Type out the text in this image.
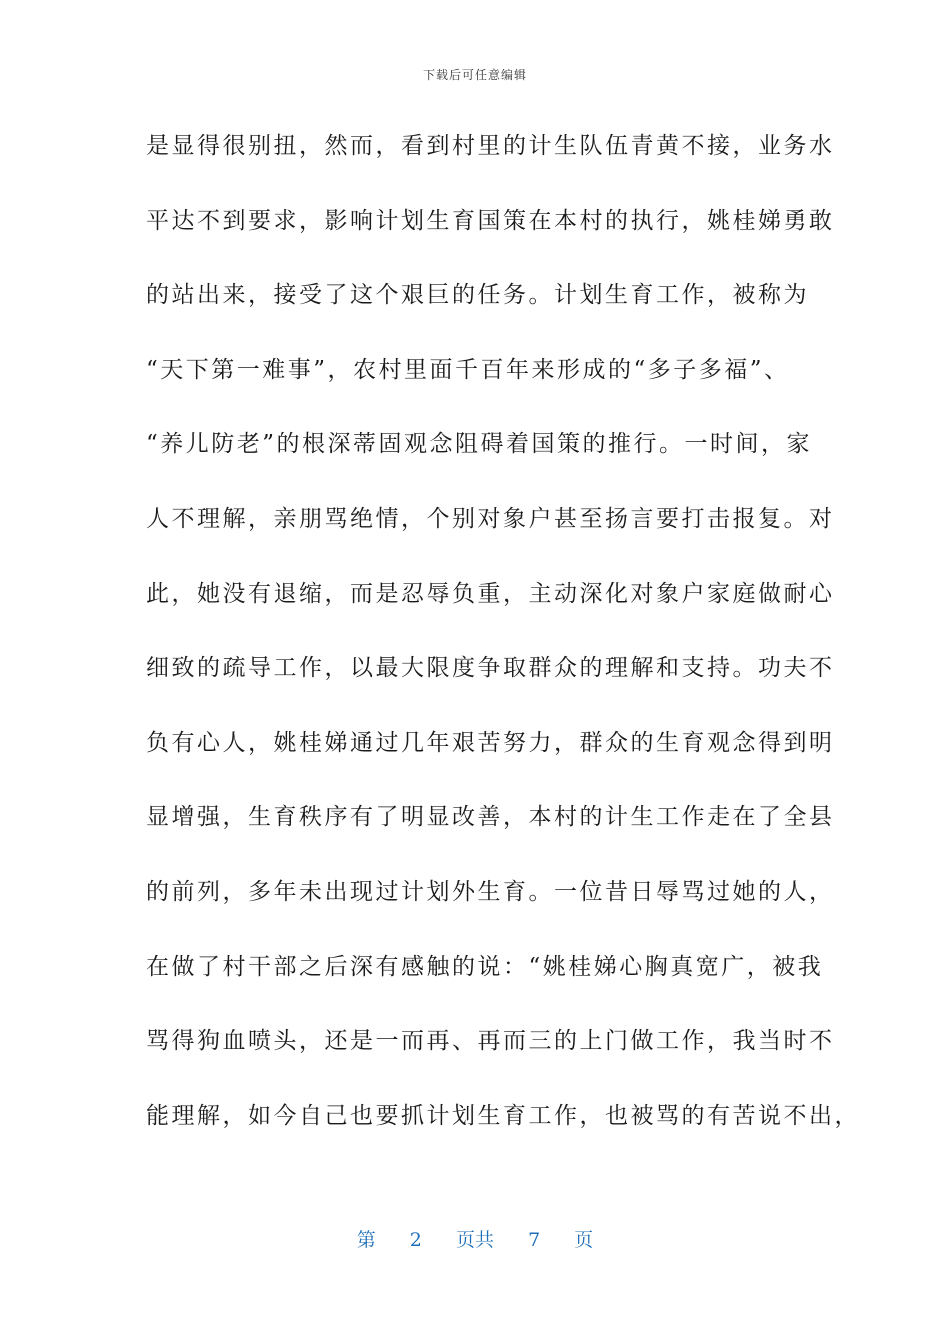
下载后可任意编辑
是显得很别扭，然而，看到村里的计生队伍青黄不接，业务水
平达不到要求，影响计划生育国策在本村的执行，姚桂娣勇敢
的站出来，接受了这个艰巨的任务。计划生育工作，被称为
“天下第一难事”，农村里面千百年来形成的“多子多福”、
“养儿防老”的根深蒂固观念阻碍着国策的推行。一时间，家
人不理解，亲朋骂绝情，个别对象户甚至扬言要打击报复。对
此，她没有退缩，而是忍辱负重，主动深化对象户家庭做耐心
细致的疏导工作，以最大限度争取群众的理解和支持。功夫不
负有心人，姚桂娣通过几年艰苦努力，群众的生育观念得到明
显增强，生育秩序有了明显改善，本村的计生工作走在了全县
的前列，多年未出现过计划外生育。一位昔日辱骂过她的人，
在做了村干部之后深有感触的说：“姚桂娣心胸真宽广，被我
骂得狗血喷头，还是一而再、再而三的上门做工作，我当时不
能理解，如今自己也要抓计划生育工作，也被骂的有苦说不出，
第 2 页共 7 页
